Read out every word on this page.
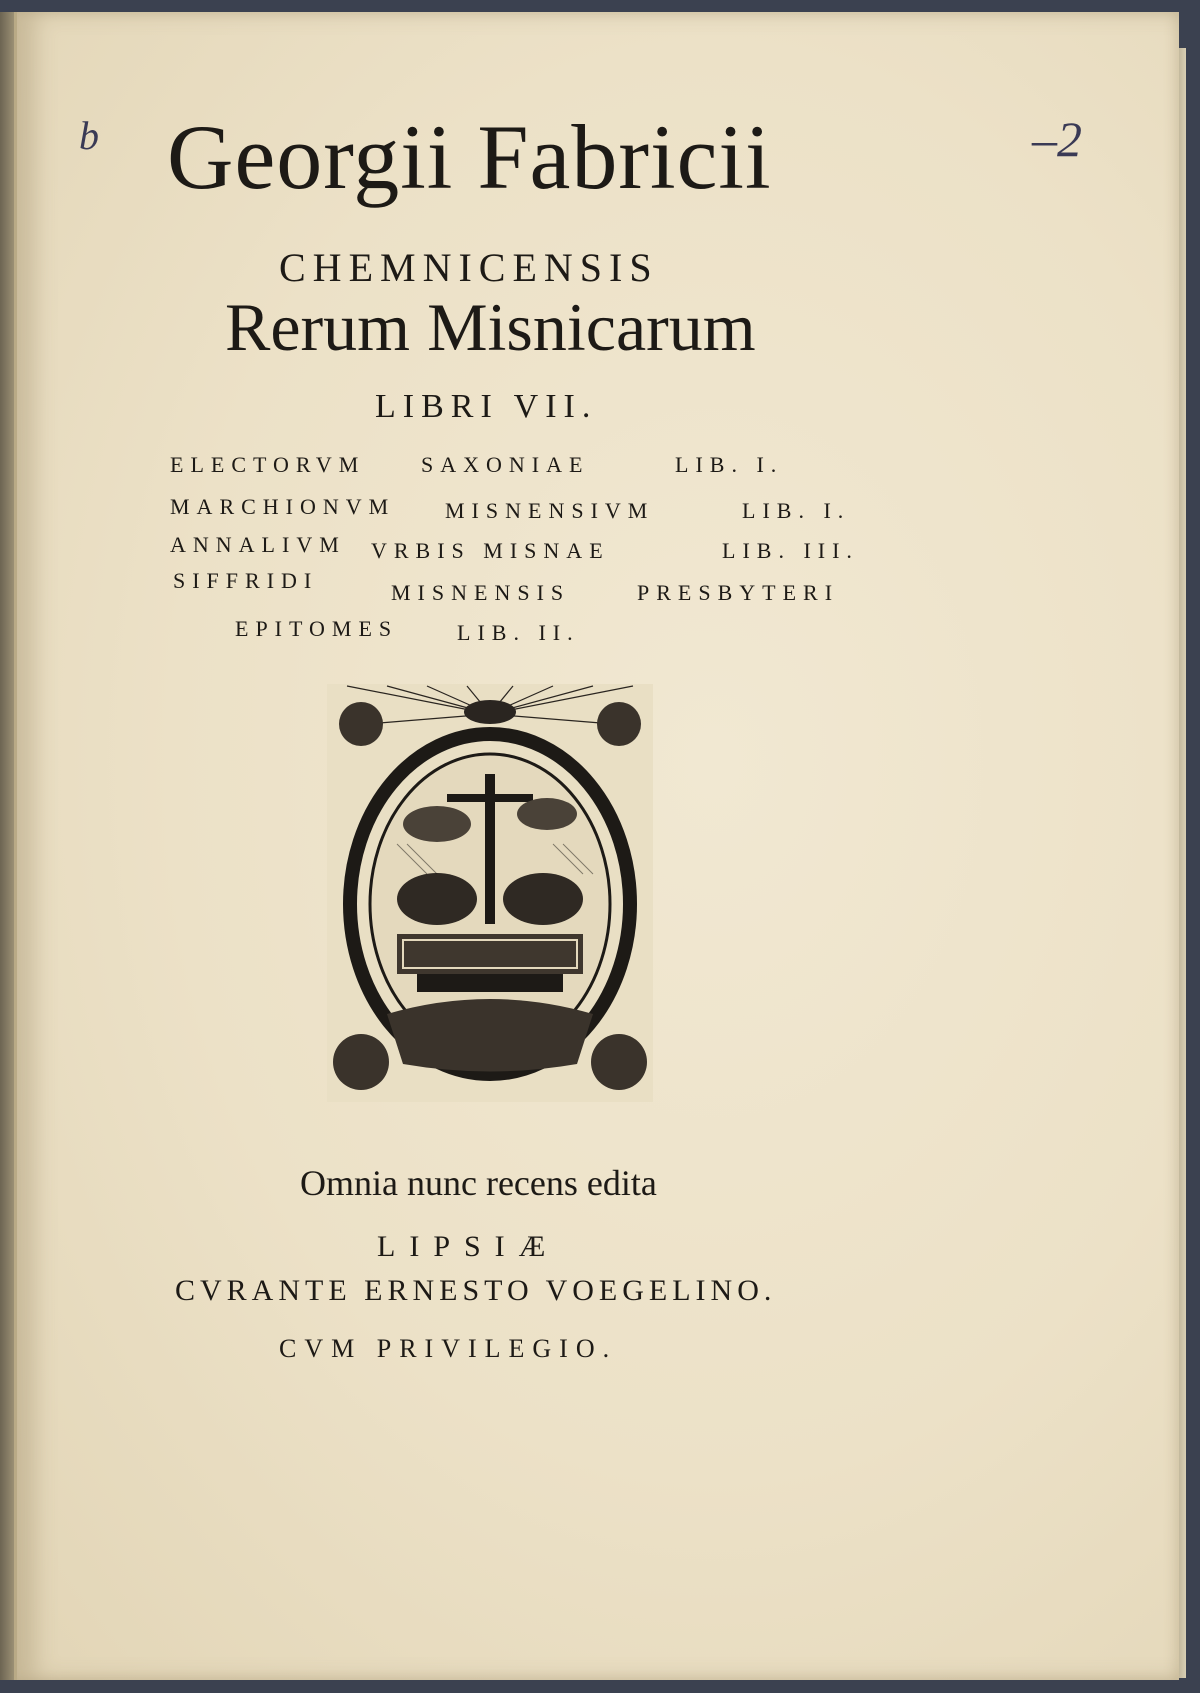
b	–2
Georgii Fabricii
CHEMNICENSIS
Rerum Misnicarum
LIBRI VII.
ELECTORVM	SAXONIAE	LIB. I.
MARCHIONVM MISNENSIVM	LIB. I.
ANNALIVM VRBIS MISNAE	LIB. III.
SIFFRIDI	MISNENSIS	PRESBYTERI
EPITOMES	LIB. II.
Omnia nunc recens edita
LIPSIÆ
CVRANTE ERNESTO VOEGELINO.
CVM PRIVILEGIO.
